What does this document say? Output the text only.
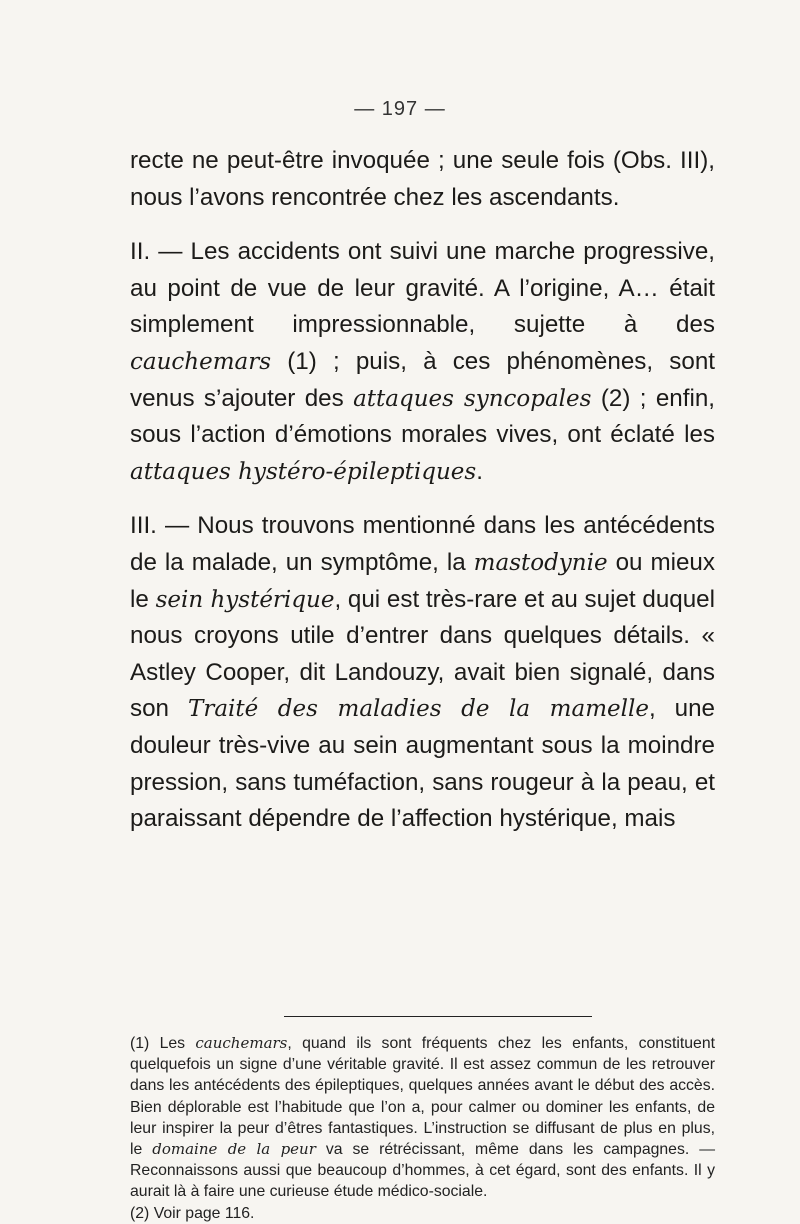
— 197 —

recte ne peut-être invoquée ; une seule fois (Obs. III), nous l’avons rencontrée chez les ascendants.

II. — Les accidents ont suivi une marche progressive, au point de vue de leur gravité. A l’origine, A… était simplement impressionnable, sujette à des cauchemars (1) ; puis, à ces phénomènes, sont venus s’ajouter des attaques syncopales (2) ; enfin, sous l’action d’émotions morales vives, ont éclaté les attaques hystéro-épileptiques.

III. — Nous trouvons mentionné dans les antécédents de la malade, un symptôme, la mastodynie ou mieux le sein hystérique, qui est très-rare et au sujet duquel nous croyons utile d’entrer dans quelques détails. « Astley Cooper, dit Landouzy, avait bien signalé, dans son Traité des maladies de la mamelle, une douleur très-vive au sein augmentant sous la moindre pression, sans tuméfaction, sans rougeur à la peau, et paraissant dépendre de l’affection hystérique, mais

(1) Les cauchemars, quand ils sont fréquents chez les enfants, constituent quelquefois un signe d’une véritable gravité. Il est assez commun de les retrouver dans les antécédents des épileptiques, quelques années avant le début des accès. Bien déplorable est l’habitude que l’on a, pour calmer ou dominer les enfants, de leur inspirer la peur d’êtres fantastiques. L’instruction se diffusant de plus en plus, le domaine de la peur va se rétrécissant, même dans les campagnes. — Reconnaissons aussi que beaucoup d’hommes, à cet égard, sont des enfants. Il y aurait là à faire une curieuse étude médico-sociale.

(2) Voir page 116.
